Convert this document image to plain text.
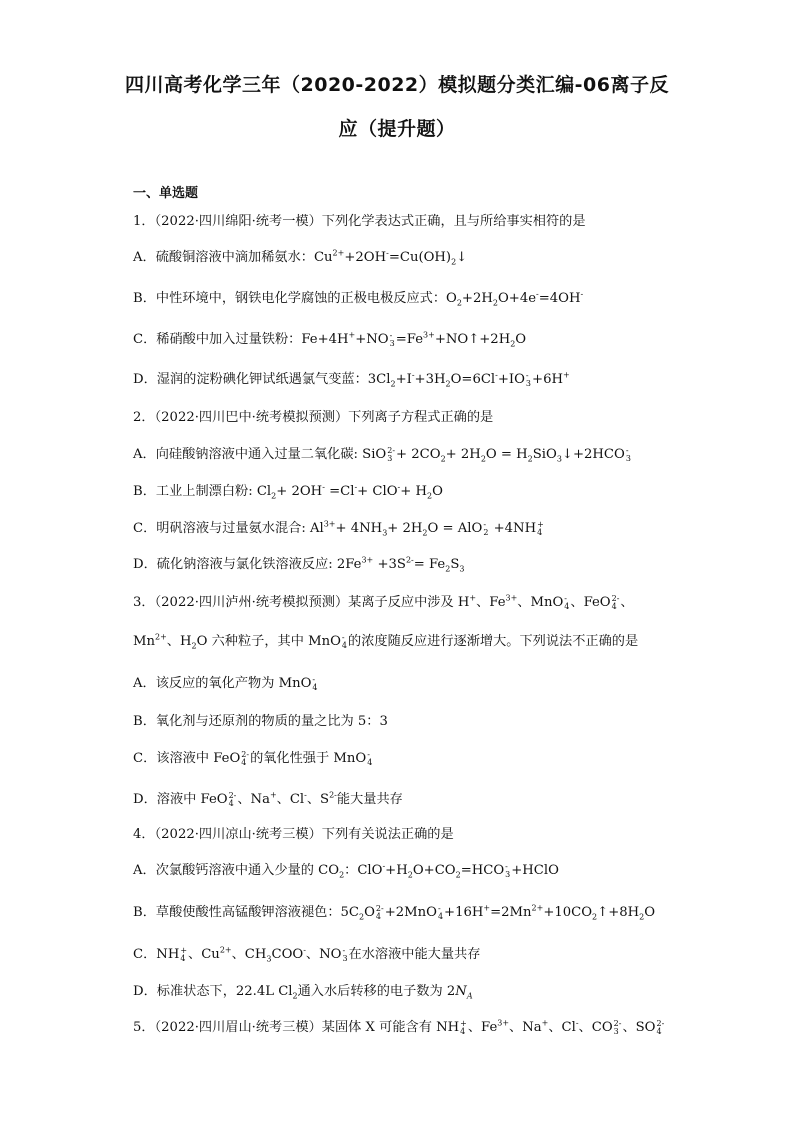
四川高考化学三年（2020-2022）模拟题分类汇编-06离子反
应（提升题）
一、单选题
1．（2022·四川绵阳·统考一模）下列化学表达式正确，且与所给事实相符的是
A．硫酸铜溶液中滴加稀氨水：$Cu^{2+}+2OH^-=Cu(OH)_2↓$
B．中性环境中，钢铁电化学腐蚀的正极电极反应式：$O_2+2H_2O+4e^-=4OH^-$
C．稀硝酸中加入过量铁粉：Fe+4H++NO -
$3 =Fe^{3+}+NO↑+2H_2O$
D．湿润的淀粉碘化钾试纸遇氯气变蓝：$3Cl_2+I^-+3H_2O=6Cl^-+IO$ -
3 +6H+
2．（2022·四川巴中·统考模拟预测）下列离子方程式正确的是
A．向硅酸钠溶液中通入过量二氧化碳: SiO 2-
$3 + 2CO_2+ 2H_2O$ = $H_2SiO_3↓+2HCO$ -
3
B．工业上制漂白粉: $Cl_2+ 2OH^- =Cl^-+ ClO^-+ H_2O$
C．明矾溶液与过量氨水混合: $Al^{3+}+ 4NH_3+ 2H_2O$ = AlO -
2 +4NH +
4
D．硫化钠溶液与氯化铁溶液反应: $2Fe^{3+} +3S^{2-}= Fe_2S_3$
3．（2022·四川泸州·统考模拟预测）某离子反应中涉及 H+、$Fe^{3+}$、MnO -
4 、FeO 2-
4 、
$Mn^{2+}$、$H_2O$ 六种粒子，其中 MnO -
4 的浓度随反应进行逐渐增大。下列说法不正确的是
A．该反应的氧化产物为 MnO -
4
B．氧化剂与还原剂的物质的量之比为 5：3
C．该溶液中 FeO 2-
4 的氧化性强于 MnO -
4
D．溶液中 FeO 2-
4 、Na+、Cl-、$S^{2-}$能大量共存
4．（2022·四川凉山·统考三模）下列有关说法正确的是
A．次氯酸钙溶液中通入少量的 $CO_2$：$ClO^-+H_2O+CO_2=HCO$ -
3 +HClO
B．草酸使酸性高锰酸钾溶液褪色：$5C_2O$ 2-
4 +2MnO -
$4 +16H^+=2Mn^{2+}+10CO_2↑+8H_2O$
C．NH +
4 、$Cu^{2+}$、$CH_3COO^-$、NO -
3 在水溶液中能大量共存
D．标准状态下，22.4L $Cl_2$通入水后转移的电子数为 $2N_A$
5．（2022·四川眉山·统考三模）某固体 X 可能含有 NH +
4 、$Fe^{3+}$、Na+、Cl-、CO 2-
3 、SO 2-
4
